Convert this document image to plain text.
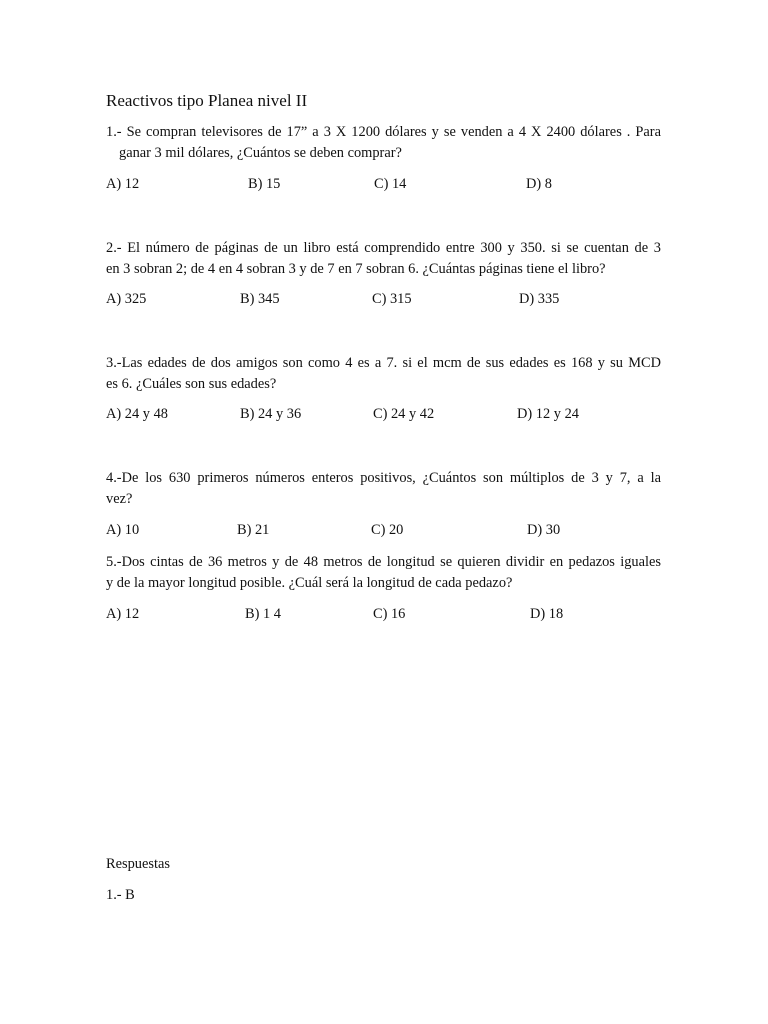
Reactivos tipo Planea nivel II
1.- Se compran televisores de 17” a 3 X 1200 dólares y se venden a 4 X 2400 dólares . Para
ganar 3 mil dólares, ¿Cuántos se deben comprar?
A) 12	B) 15	C) 14	D) 8
2.- El número de páginas de un libro está comprendido entre 300 y 350. si se cuentan de 3
en 3 sobran 2; de 4 en 4 sobran 3 y de 7 en 7 sobran 6. ¿Cuántas páginas tiene el libro?
A) 325	B) 345	C) 315	D) 335
3.-Las edades de dos amigos son como 4 es a 7. si el mcm de sus edades es 168 y su MCD
es 6. ¿Cuáles son sus edades?
A) 24 y 48	B) 24 y 36	C) 24 y 42	D) 12 y 24
4.-De los 630 primeros números enteros positivos, ¿Cuántos son múltiplos de 3 y 7, a la
vez?
A) 10	B) 21	C) 20	D) 30
5.-Dos cintas de 36 metros y de 48 metros de longitud se quieren dividir en pedazos iguales
y de la mayor longitud posible. ¿Cuál será la longitud de cada pedazo?
A) 12	B) 1 4	C) 16	D) 18
Respuestas
1.- B
